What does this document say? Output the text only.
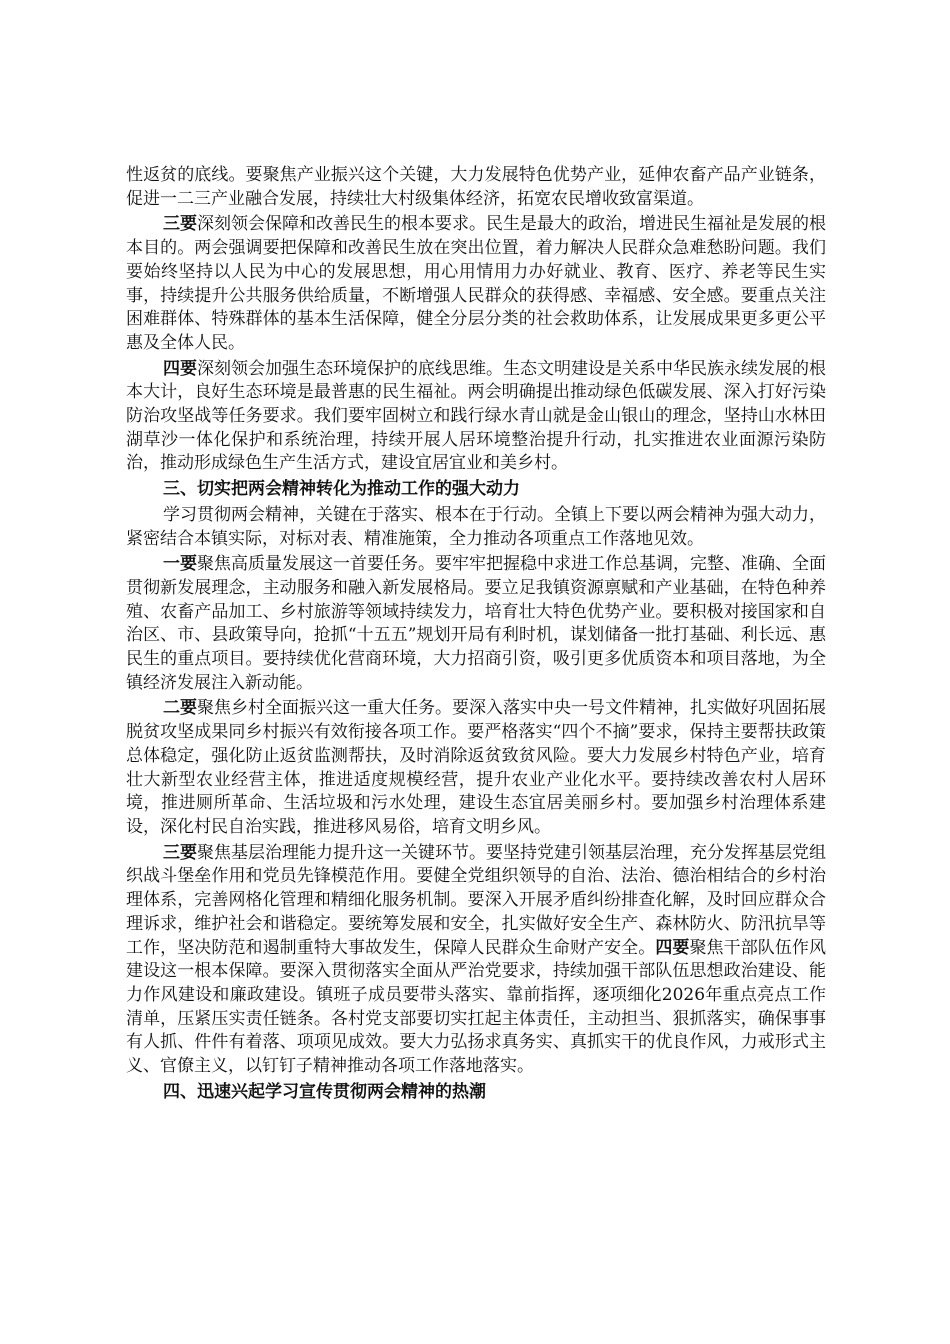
性返贫的底线。要聚焦产业振兴这个关键，大力发展特色优势产业，延伸农畜产品产业链条，促进一二三产业融合发展，持续壮大村级集体经济，拓宽农民增收致富渠道。

三要深刻领会保障和改善民生的根本要求。民生是最大的政治，增进民生福祉是发展的根本目的。两会强调要把保障和改善民生放在突出位置，着力解决人民群众急难愁盼问题。我们要始终坚持以人民为中心的发展思想，用心用情用力办好就业、教育、医疗、养老等民生实事，持续提升公共服务供给质量，不断增强人民群众的获得感、幸福感、安全感。要重点关注困难群体、特殊群体的基本生活保障，健全分层分类的社会救助体系，让发展成果更多更公平惠及全体人民。

四要深刻领会加强生态环境保护的底线思维。生态文明建设是关系中华民族永续发展的根本大计，良好生态环境是最普惠的民生福祉。两会明确提出推动绿色低碳发展、深入打好污染防治攻坚战等任务要求。我们要牢固树立和践行绿水青山就是金山银山的理念，坚持山水林田湖草沙一体化保护和系统治理，持续开展人居环境整治提升行动，扎实推进农业面源污染防治，推动形成绿色生产生活方式，建设宜居宜业和美乡村。

三、切实把两会精神转化为推动工作的强大动力

学习贯彻两会精神，关键在于落实、根本在于行动。全镇上下要以两会精神为强大动力，紧密结合本镇实际，对标对表、精准施策，全力推动各项重点工作落地见效。

一要聚焦高质量发展这一首要任务。要牢牢把握稳中求进工作总基调，完整、准确、全面贯彻新发展理念，主动服务和融入新发展格局。要立足我镇资源禀赋和产业基础，在特色种养殖、农畜产品加工、乡村旅游等领域持续发力，培育壮大特色优势产业。要积极对接国家和自治区、市、县政策导向，抢抓“十五五”规划开局有利时机，谋划储备一批打基础、利长远、惠民生的重点项目。要持续优化营商环境，大力招商引资，吸引更多优质资本和项目落地，为全镇经济发展注入新动能。

二要聚焦乡村全面振兴这一重大任务。要深入落实中央一号文件精神，扎实做好巩固拓展脱贫攻坚成果同乡村振兴有效衔接各项工作。要严格落实“四个不摘”要求，保持主要帮扶政策总体稳定，强化防止返贫监测帮扶，及时消除返贫致贫风险。要大力发展乡村特色产业，培育壮大新型农业经营主体，推进适度规模经营，提升农业产业化水平。要持续改善农村人居环境，推进厕所革命、生活垃圾和污水处理，建设生态宜居美丽乡村。要加强乡村治理体系建设，深化村民自治实践，推进移风易俗，培育文明乡风。

三要聚焦基层治理能力提升这一关键环节。要坚持党建引领基层治理，充分发挥基层党组织战斗堡垒作用和党员先锋模范作用。要健全党组织领导的自治、法治、德治相结合的乡村治理体系，完善网格化管理和精细化服务机制。要深入开展矛盾纠纷排查化解，及时回应群众合理诉求，维护社会和谐稳定。要统筹发展和安全，扎实做好安全生产、森林防火、防汛抗旱等工作，坚决防范和遏制重特大事故发生，保障人民群众生命财产安全。四要聚焦干部队伍作风建设这一根本保障。要深入贯彻落实全面从严治党要求，持续加强干部队伍思想政治建设、能力作风建设和廉政建设。镇班子成员要带头落实、靠前指挥，逐项细化2026年重点亮点工作清单，压紧压实责任链条。各村党支部要切实扛起主体责任，主动担当、狠抓落实，确保事事有人抓、件件有着落、项项见成效。要大力弘扬求真务实、真抓实干的优良作风，力戒形式主义、官僚主义，以钉钉子精神推动各项工作落地落实。

四、迅速兴起学习宣传贯彻两会精神的热潮
